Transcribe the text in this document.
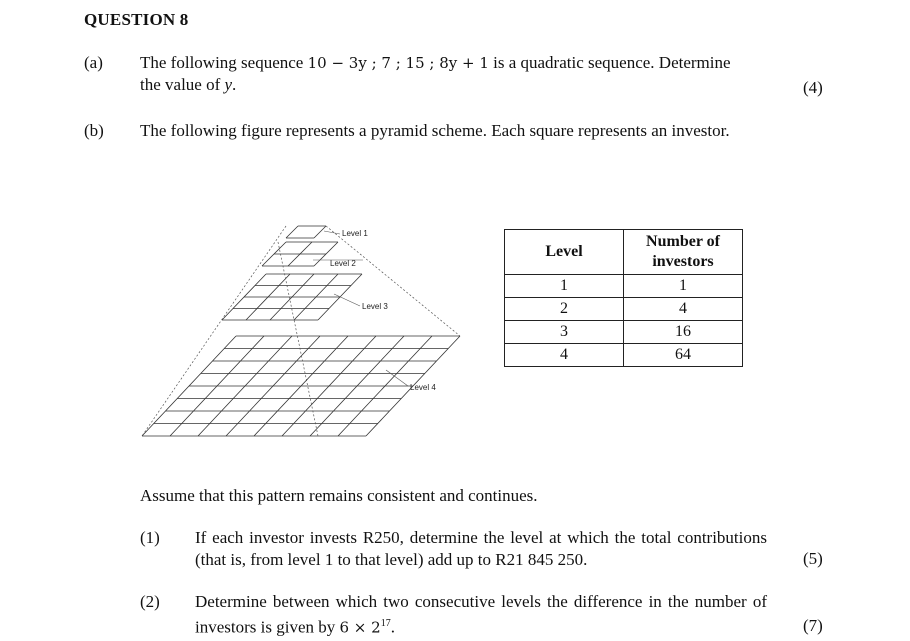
QUESTION 8
(a) The following sequence 10 − 3y ; 7 ; 15 ; 8y + 1 is a quadratic sequence. Determine
the value of y.	(4)
(b) The following figure represents a pyramid scheme. Each square represents an investor.
Level 1
Level 2
Level 3
Level 4
Level	Number of investors
1	1
2	4
3	16
4	64
Assume that this pattern remains consistent and continues.
(1) If each investor invests R250, determine the level at which the total contributions (that is, from level 1 to that level) add up to R21 845 250.	(5)
(2) Determine between which two consecutive levels the difference in the number of investors is given by $6 \times 2^{17}$.	(7)
